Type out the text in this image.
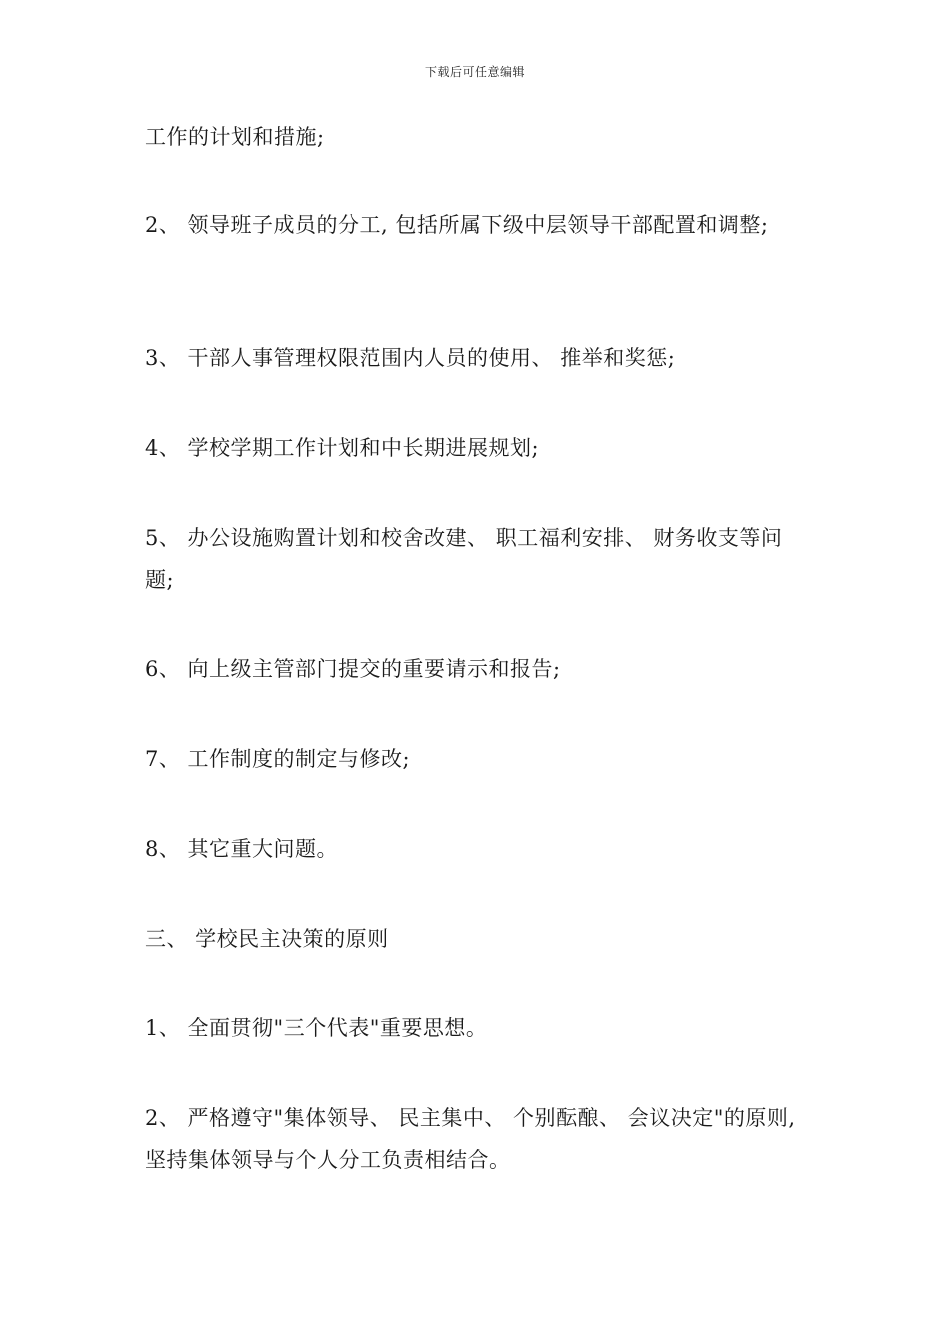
下载后可任意编辑

工作的计划和措施;

2、 领导班子成员的分工, 包括所属下级中层领导干部配置和调整;

3、 干部人事管理权限范围内人员的使用、 推举和奖惩;

4、 学校学期工作计划和中长期进展规划;

5、 办公设施购置计划和校舍改建、 职工福利安排、 财务收支等问题;

6、 向上级主管部门提交的重要请示和报告;

7、 工作制度的制定与修改;

8、 其它重大问题。

三、 学校民主决策的原则

1、 全面贯彻"三个代表"重要思想。

2、 严格遵守"集体领导、 民主集中、 个别酝酿、 会议决定"的原则, 坚持集体领导与个人分工负责相结合。
